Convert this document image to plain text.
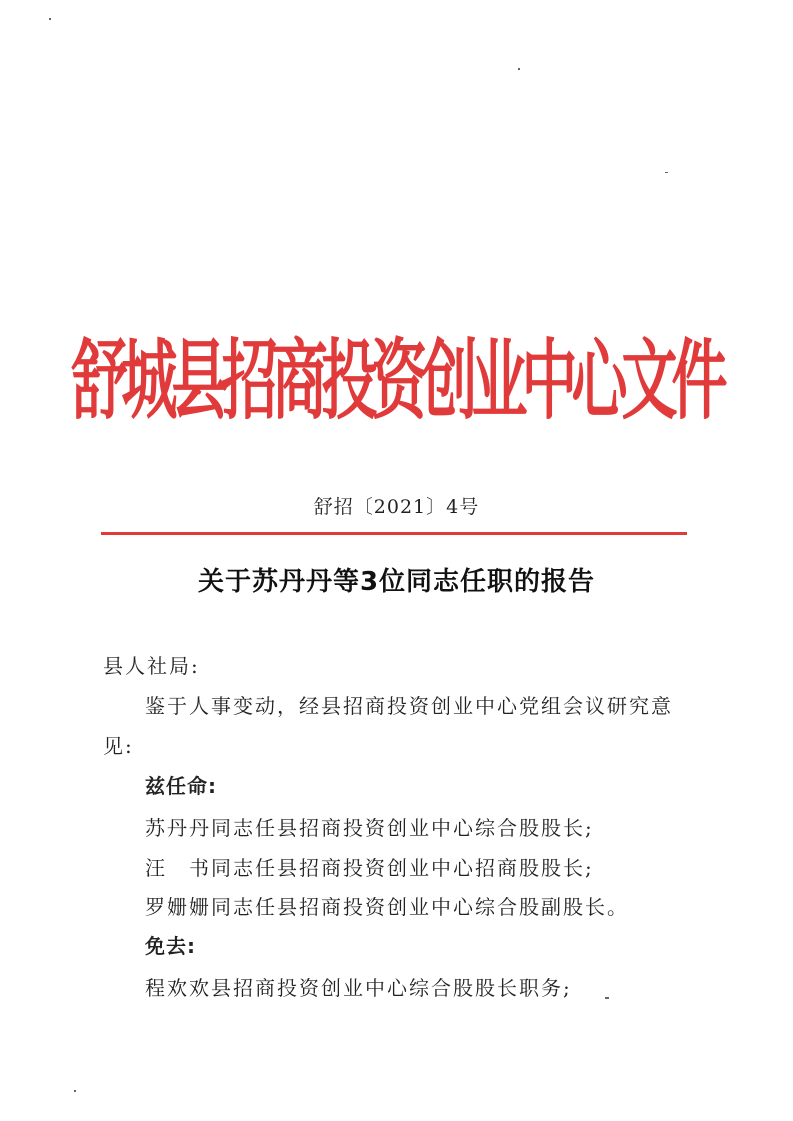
舒城县招商投资创业中心文件
舒招〔2021〕4号
关于苏丹丹等3位同志任职的报告
县人社局:
鉴于人事变动，经县招商投资创业中心党组会议研究意
见:
兹任命:
苏丹丹同志任县招商投资创业中心综合股股长;
汪　书同志任县招商投资创业中心招商股股长;
罗姗姗同志任县招商投资创业中心综合股副股长。
免去:
程欢欢县招商投资创业中心综合股股长职务;
